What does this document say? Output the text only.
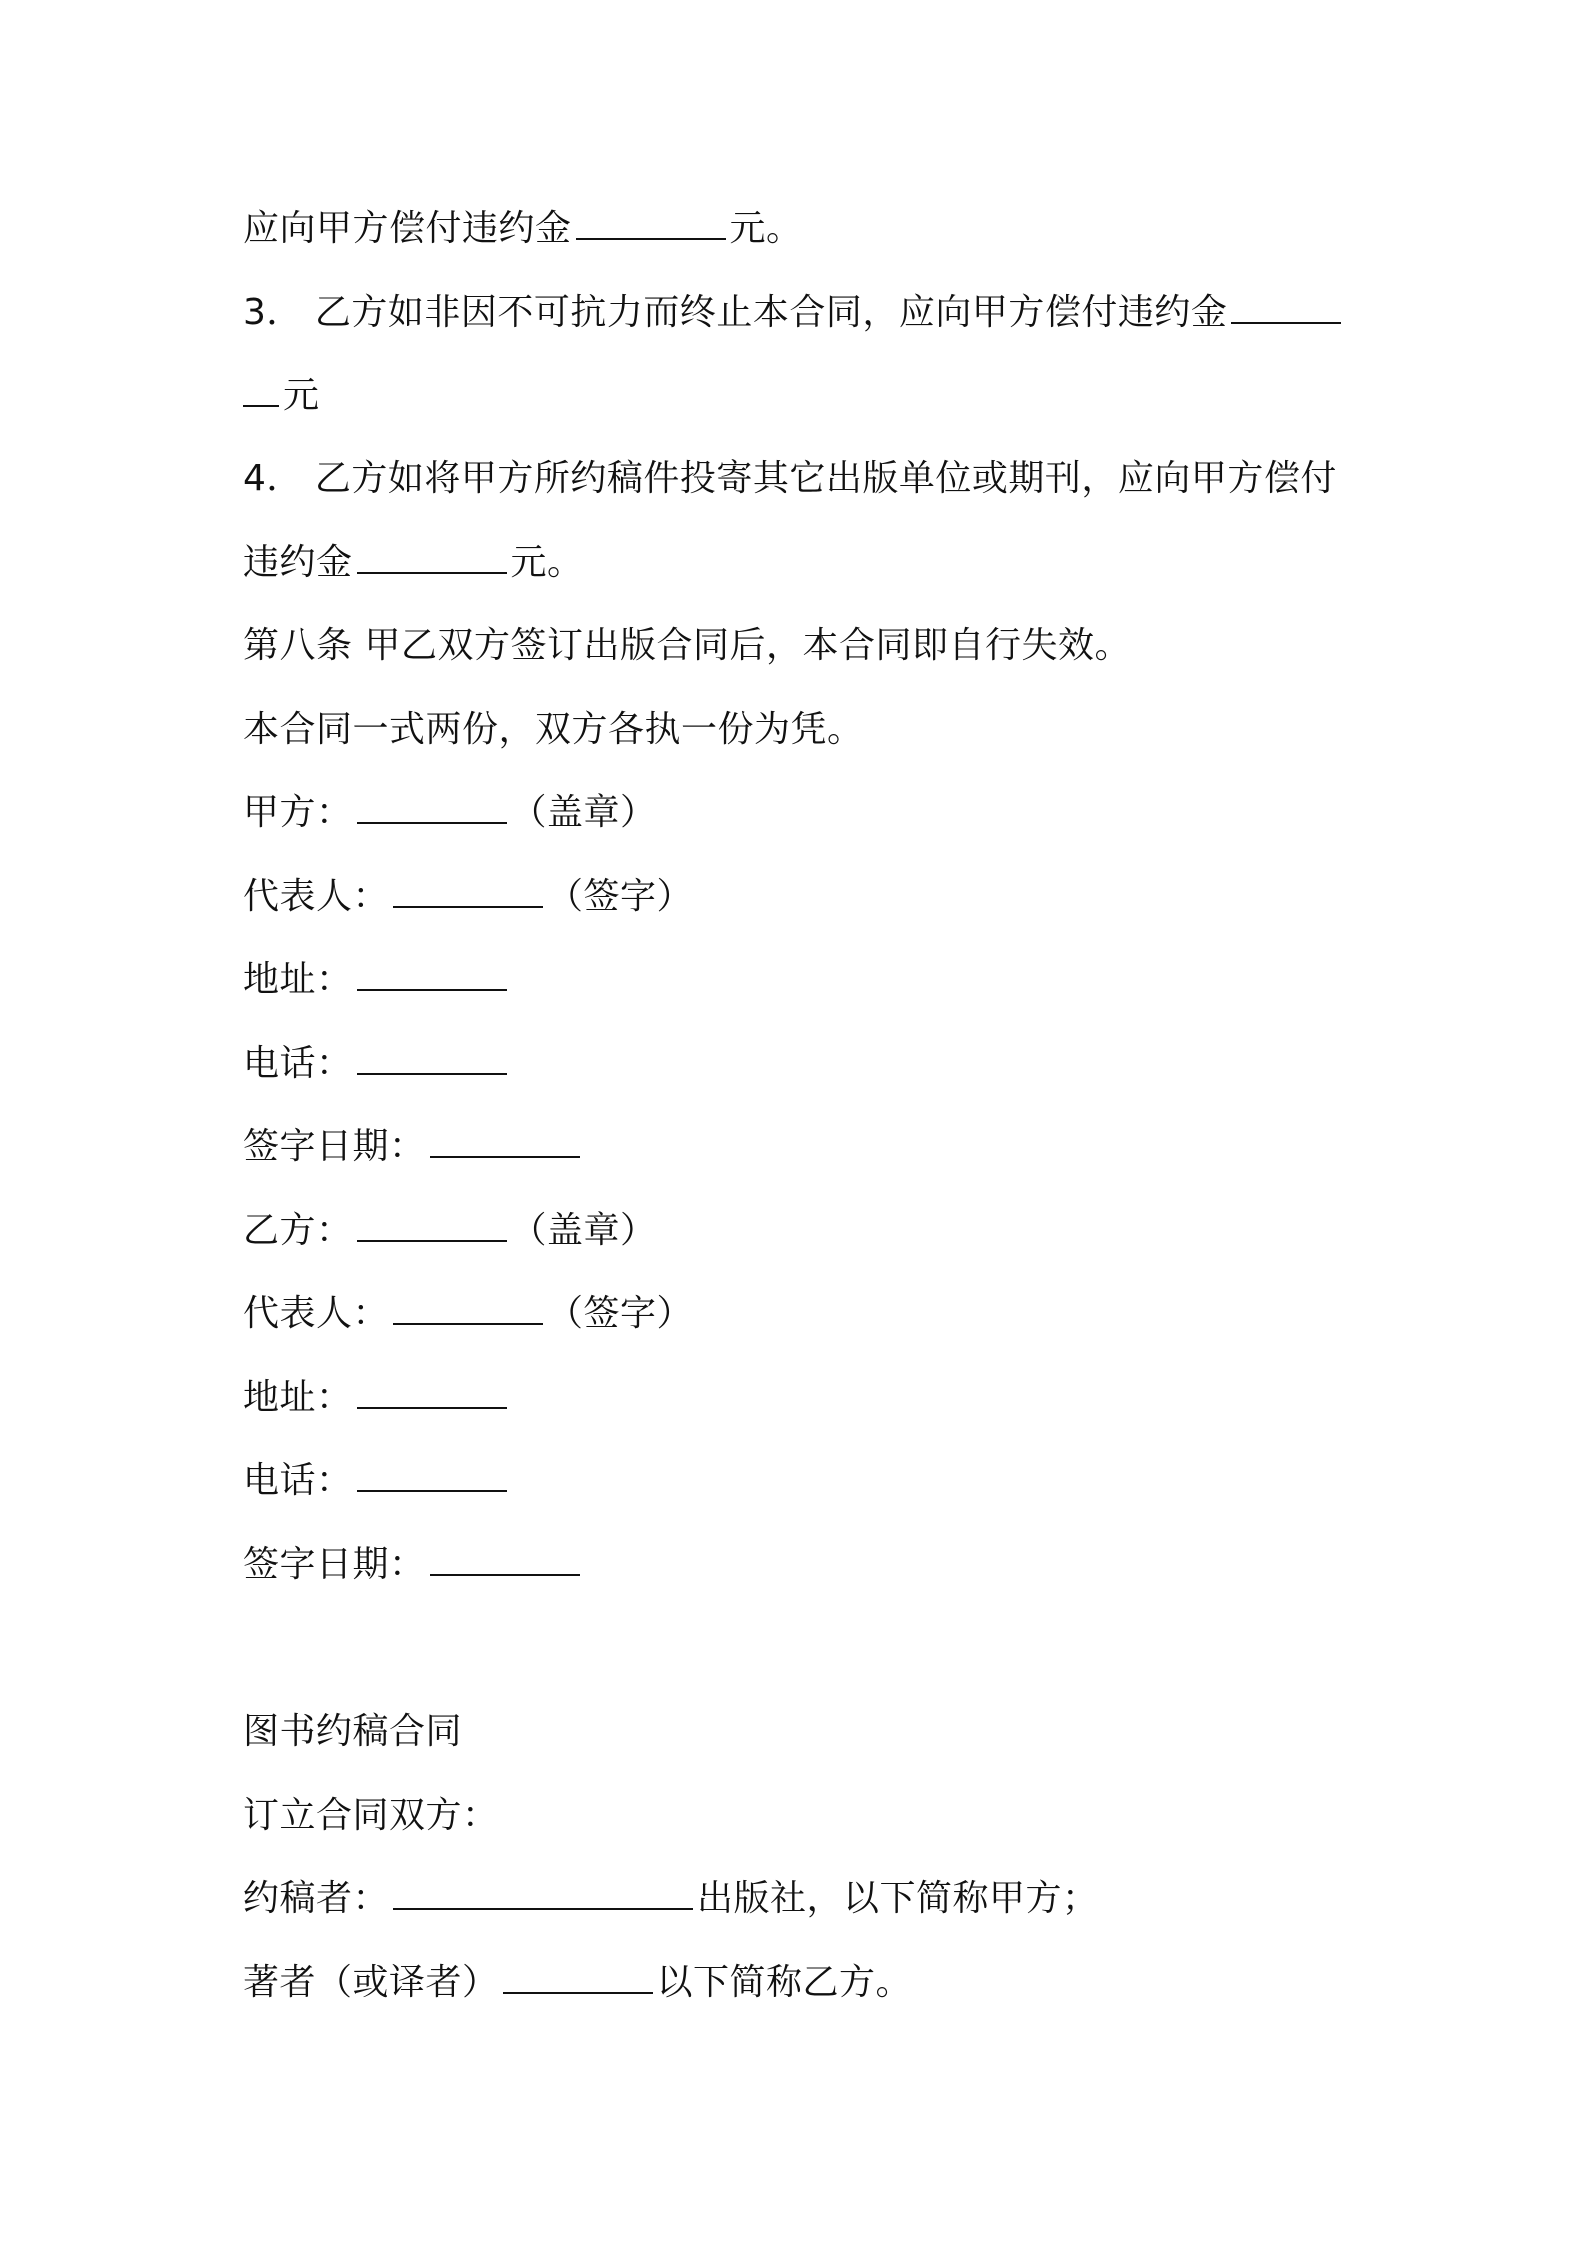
应向甲方偿付违约金	元。
3． 乙方如非因不可抗力而终止本合同，应向甲方偿付违约金
元
4． 乙方如将甲方所约稿件投寄其它出版单位或期刊，应向甲方偿付
违约金	元。
第八条 甲乙双方签订出版合同后，本合同即自行失效。
本合同一式两份，双方各执一份为凭。
甲方：	（盖章）
代表人：	（签字）
地址：
电话：
签字日期：
乙方：	（盖章）
代表人：	（签字）
地址：
电话：
签字日期：
图书约稿合同
订立合同双方：
约稿者：	出版社，以下简称甲方；
著者（或译者）	以下简称乙方。
